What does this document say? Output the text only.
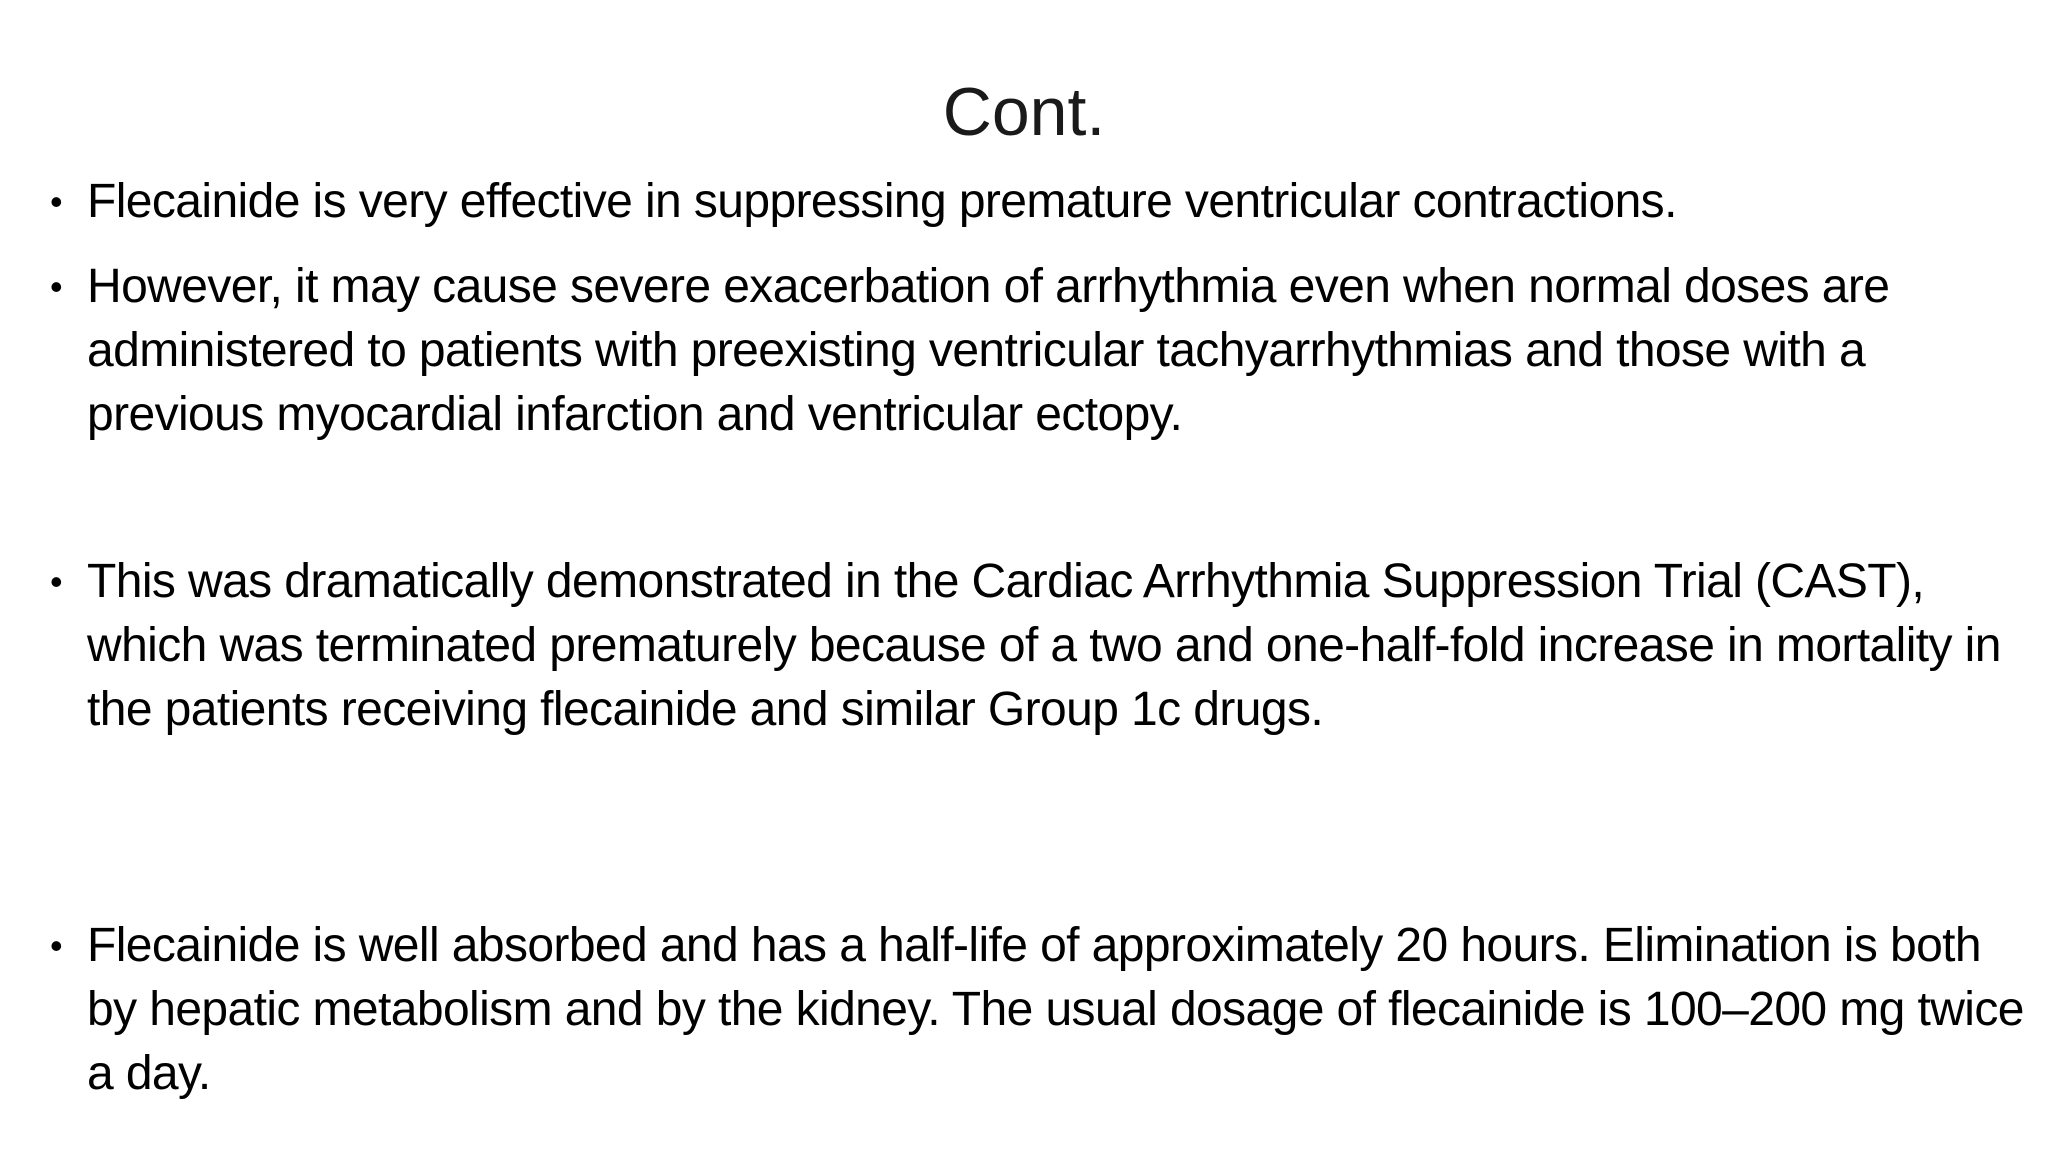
Cont.
• Flecainide is very effective in suppressing premature ventricular contractions.
• However, it may cause severe exacerbation of arrhythmia even when normal doses are administered to patients with preexisting ventricular tachyarrhythmias and those with a previous myocardial infarction and ventricular ectopy.
• This was dramatically demonstrated in the Cardiac Arrhythmia Suppression Trial (CAST), which was terminated prematurely because of a two and one-half-fold increase in mortality in the patients receiving flecainide and similar Group 1c drugs.
• Flecainide is well absorbed and has a half-life of approximately 20 hours. Elimination is both by hepatic metabolism and by the kidney. The usual dosage of flecainide is 100–200 mg twice a day.
